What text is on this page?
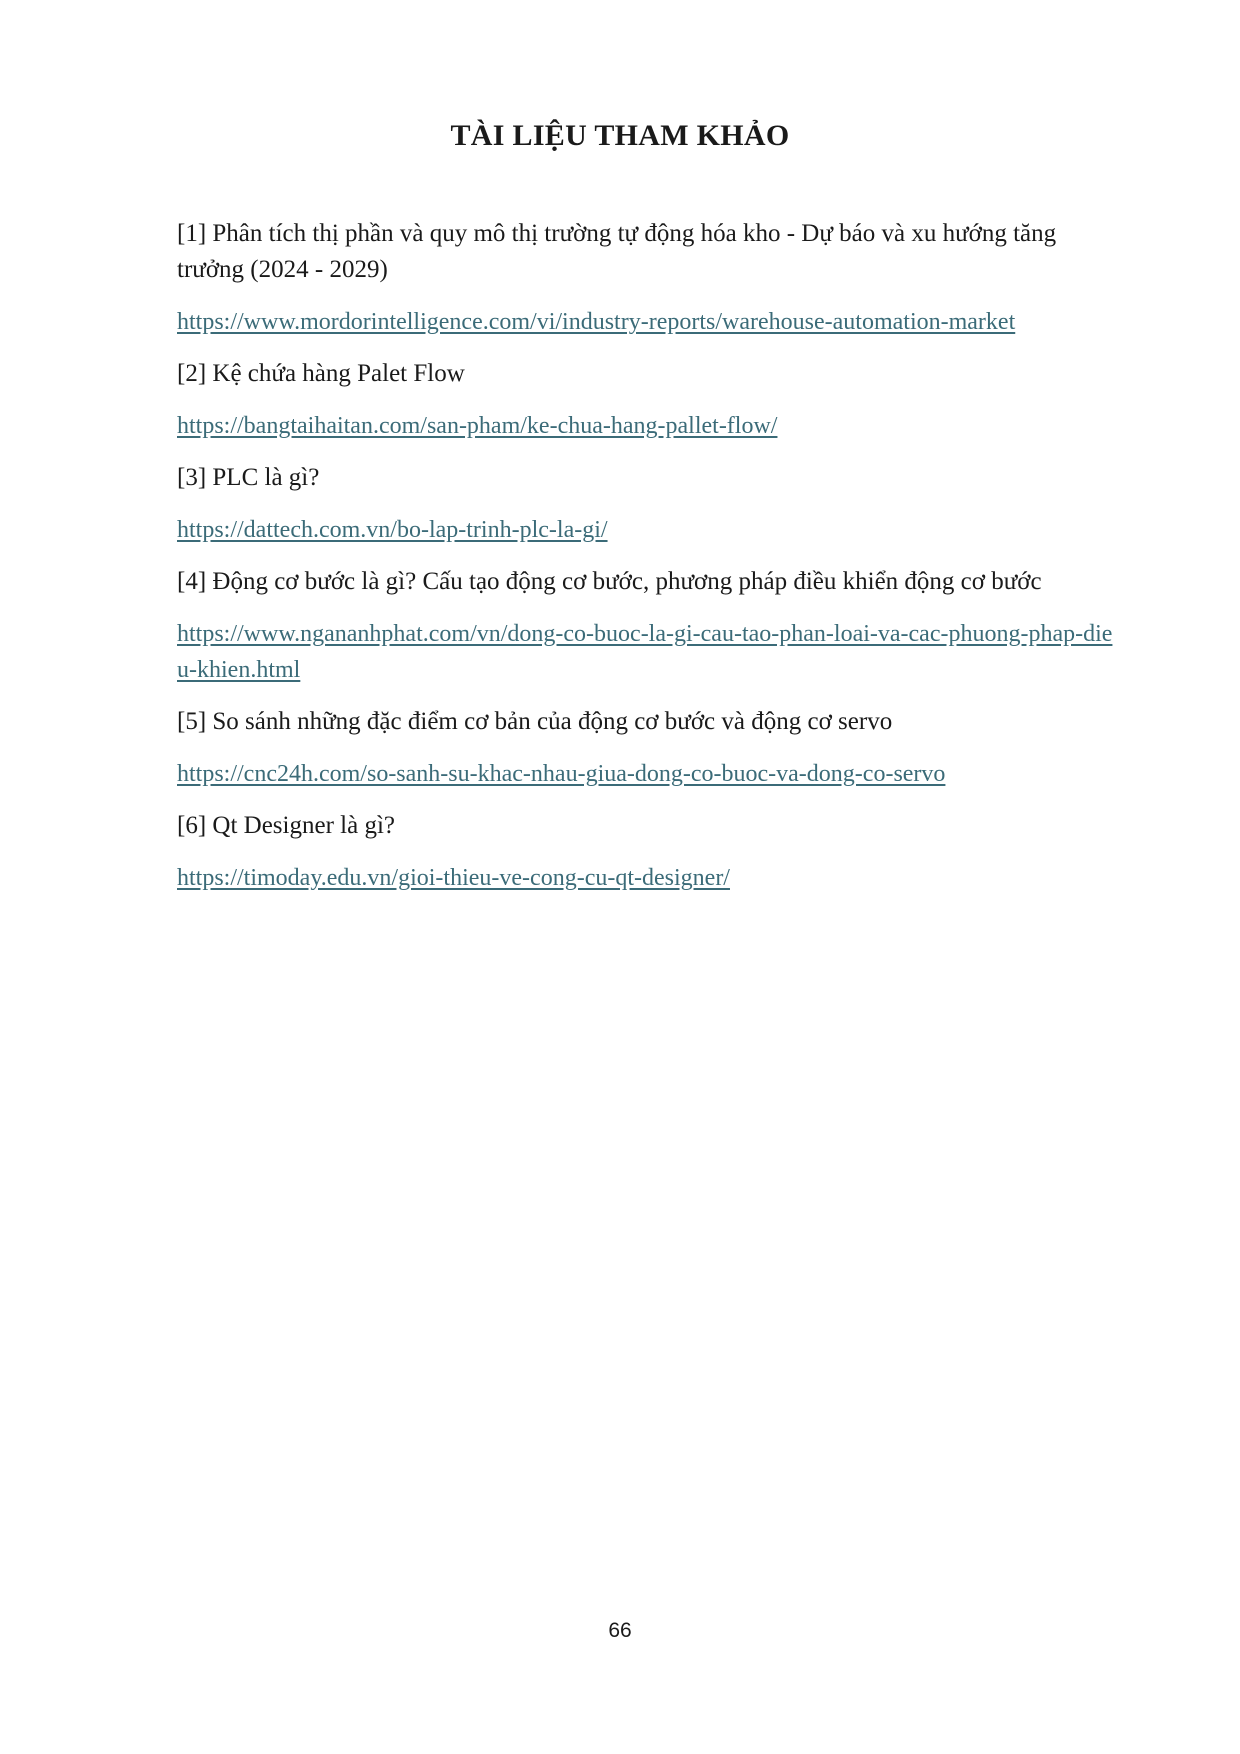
TÀI LIỆU THAM KHẢO
[1] Phân tích thị phần và quy mô thị trường tự động hóa kho - Dự báo và xu hướng tăng trưởng (2024 - 2029)
https://www.mordorintelligence.com/vi/industry-reports/warehouse-automation-market
[2] Kệ chứa hàng Palet Flow
https://bangtaihaitan.com/san-pham/ke-chua-hang-pallet-flow/
[3] PLC là gì?
https://dattech.com.vn/bo-lap-trinh-plc-la-gi/
[4] Động cơ bước là gì? Cấu tạo động cơ bước, phương pháp điều khiển động cơ bước
https://www.ngananhphat.com/vn/dong-co-buoc-la-gi-cau-tao-phan-loai-va-cac-phuong-phap-dieu-khien.html
[5] So sánh những đặc điểm cơ bản của động cơ bước và động cơ servo
https://cnc24h.com/so-sanh-su-khac-nhau-giua-dong-co-buoc-va-dong-co-servo
[6] Qt Designer là gì?
https://timoday.edu.vn/gioi-thieu-ve-cong-cu-qt-designer/
66
